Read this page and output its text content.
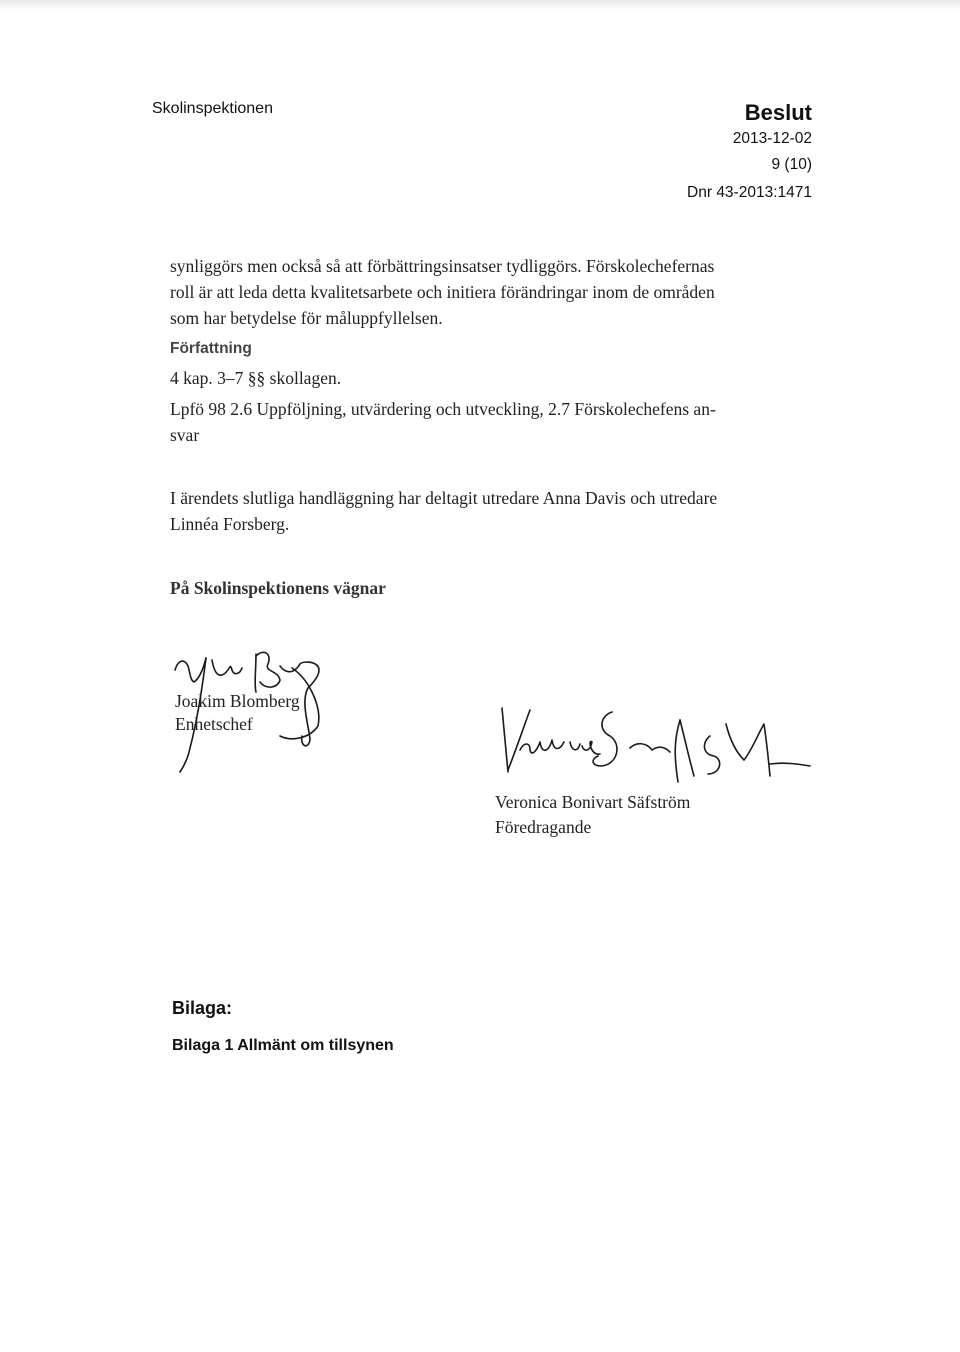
Skolinspektionen	Beslut
2013-12-02
9 (10)
Dnr 43-2013:1471
synliggörs men också så att förbättringsinsatser tydliggörs. Förskolechefernas
roll är att leda detta kvalitetsarbete och initiera förändringar inom de områden
som har betydelse för måluppfyllelsen.
Författning
4 kap. 3–7 §§ skollagen.
Lpfö 98 2.6 Uppföljning, utvärdering och utveckling, 2.7 Förskolechefens an-
svar
I ärendets slutliga handläggning har deltagit utredare Anna Davis och utredare
Linnéa Forsberg.
På Skolinspektionens vägnar
Joakim Blomberg
Enhetschef
Veronica Bonivart Säfström
Föredragande
Bilaga:
Bilaga 1 Allmänt om tillsynen
